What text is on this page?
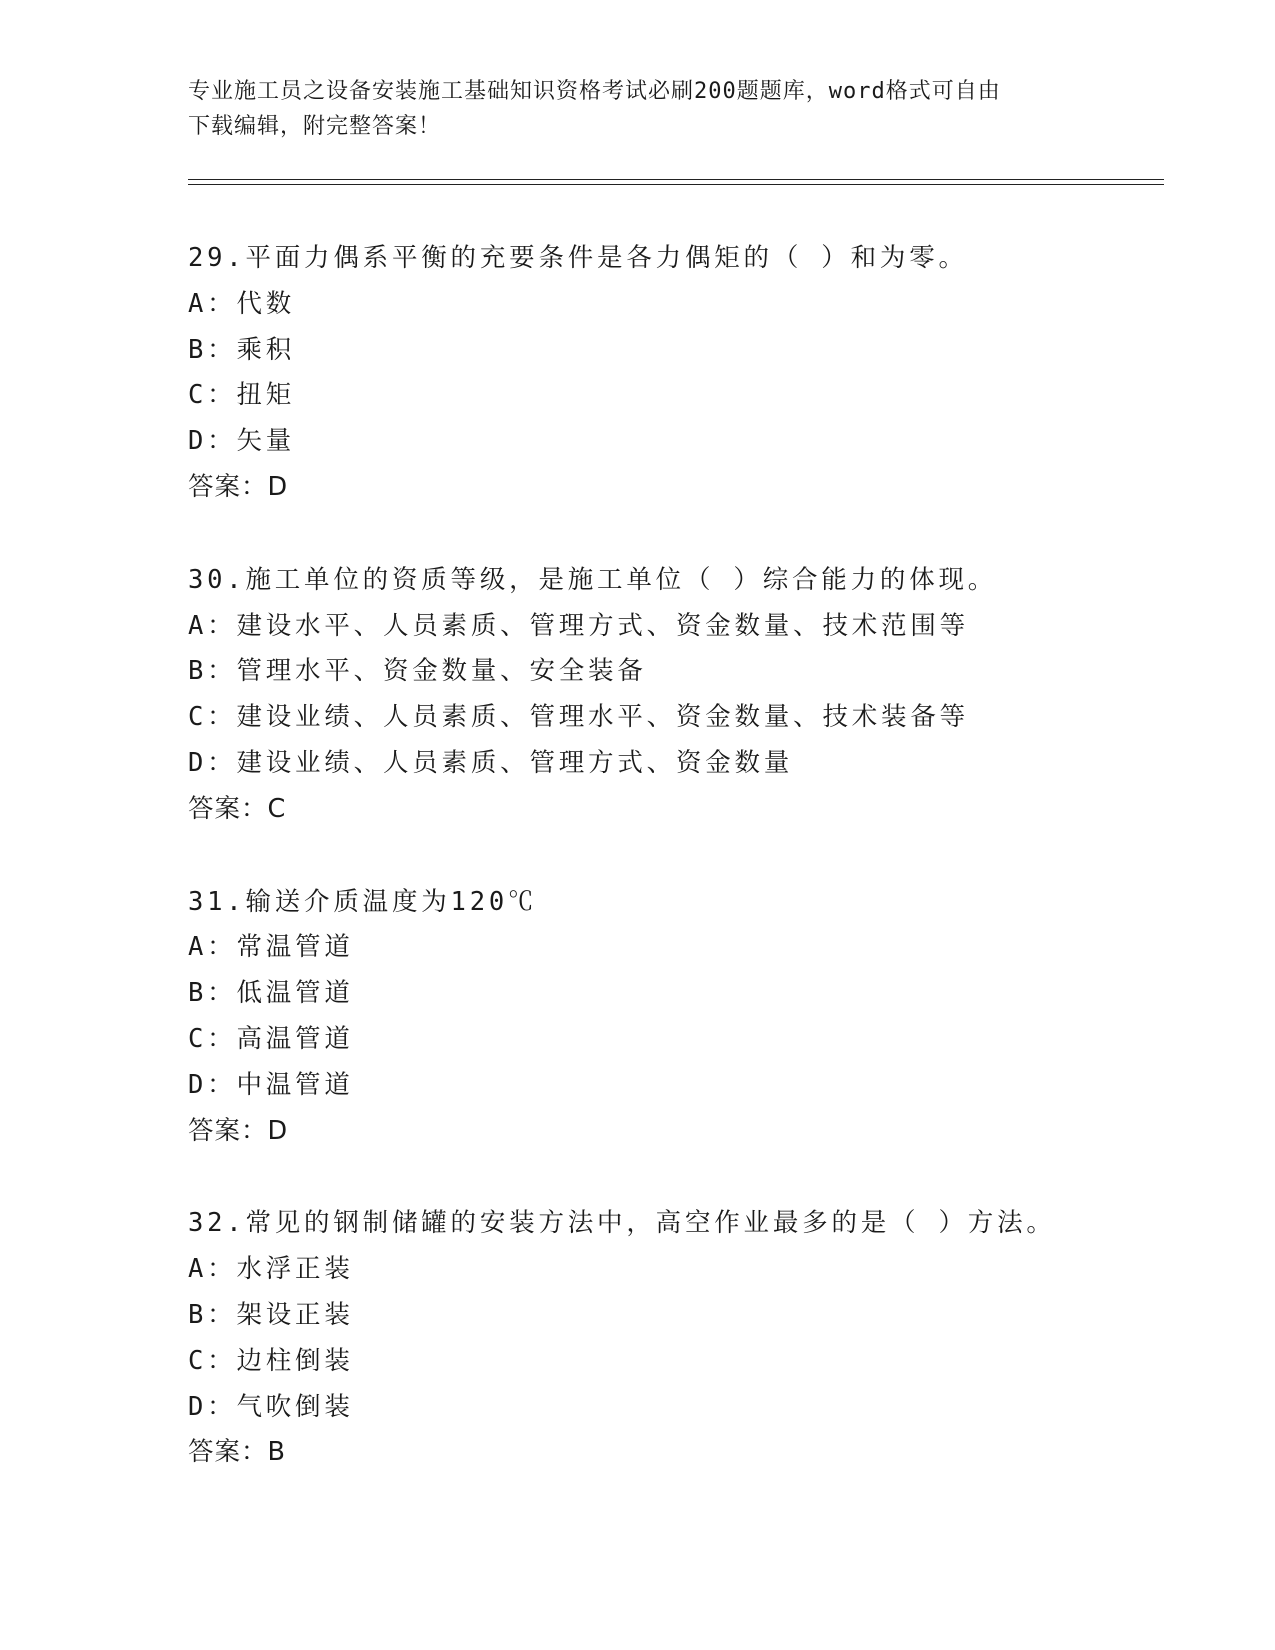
专业施工员之设备安装施工基础知识资格考试必刷200题题库，word格式可自由
下载编辑，附完整答案！
29.平面力偶系平衡的充要条件是各力偶矩的（ ）和为零。
A：代数
B：乘积
C：扭矩
D：矢量
答案：D
30.施工单位的资质等级，是施工单位（ ）综合能力的体现。
A：建设水平、人员素质、管理方式、资金数量、技术范围等
B：管理水平、资金数量、安全装备
C：建设业绩、人员素质、管理水平、资金数量、技术装备等
D：建设业绩、人员素质、管理方式、资金数量
答案：C
31.输送介质温度为120℃
A：常温管道
B：低温管道
C：高温管道
D：中温管道
答案：D
32.常见的钢制储罐的安装方法中，高空作业最多的是（ ）方法。
A：水浮正装
B：架设正装
C：边柱倒装
D：气吹倒装
答案：B
